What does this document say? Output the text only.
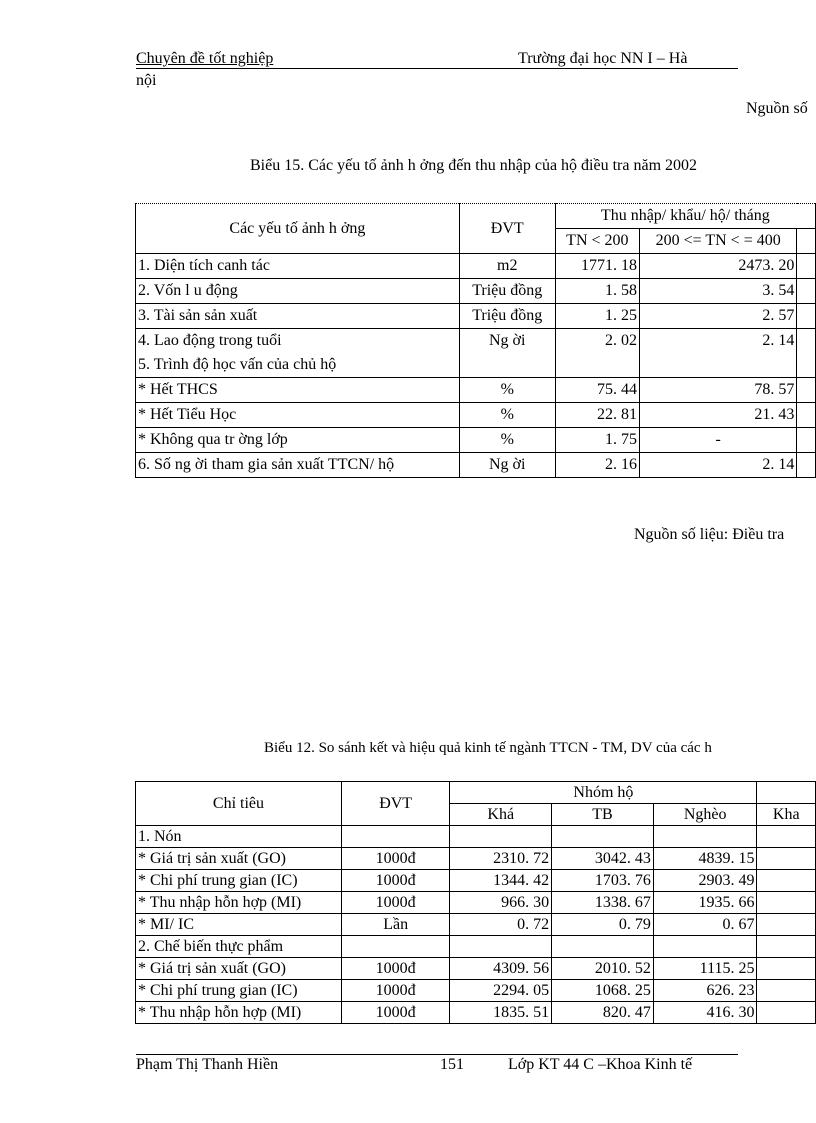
Chuyên đề tốt nghiệp	Trường đại học NN I – Hà
nội
Nguồn số
Biểu 15. Các yếu tố ảnh h ởng đến thu nhập của hộ điều tra năm 2002
Các yếu tố ảnh h ởng	ĐVT	Thu nhập/ khẩu/ hộ/ tháng		
		TN < 200	200 <= TN < = 400	
1. Diện tích canh tác	m2	1771. 18	2473. 20	
2. Vốn l u động	Triệu đồng	1. 58	3. 54	
3. Tài sản sản xuất	Triệu đồng	1. 25	2. 57	
4. Lao động trong tuổi	Ng ời	2. 02	2. 14	
5. Trình độ học vấn của chủ hộ				
* Hết THCS	%	75. 44	78. 57	
* Hết Tiểu Học	%	22. 81	21. 43	
* Không qua tr ờng lớp	%	1. 75	-	
6. Số ng ời tham gia sản xuất TTCN/ hộ	Ng ời	2. 16	2. 14	
Nguồn số liệu: Điều tra
Biểu 12. So sánh kết và hiệu quả kinh tế ngành TTCN - TM, DV của các h
Chỉ tiêu	ĐVT	Nhóm hộ			
		Khá	TB	Nghèo	Kha
1. Nón					
* Giá trị sản xuất (GO)	1000đ	2310. 72	3042. 43	4839. 15	
* Chi phí trung gian (IC)	1000đ	1344. 42	1703. 76	2903. 49	
* Thu nhập hỗn hợp (MI)	1000đ	966. 30	1338. 67	1935. 66	
* MI/ IC	Lần	0. 72	0. 79	0. 67	
2. Chế biến thực phẩm					
* Giá trị sản xuất (GO)	1000đ	4309. 56	2010. 52	1115. 25	
* Chi phí trung gian (IC)	1000đ	2294. 05	1068. 25	626. 23	
* Thu nhập hỗn hợp (MI)	1000đ	1835. 51	820. 47	416. 30	
Phạm Thị Thanh Hiền	151	Lớp KT 44 C –Khoa Kinh tế
